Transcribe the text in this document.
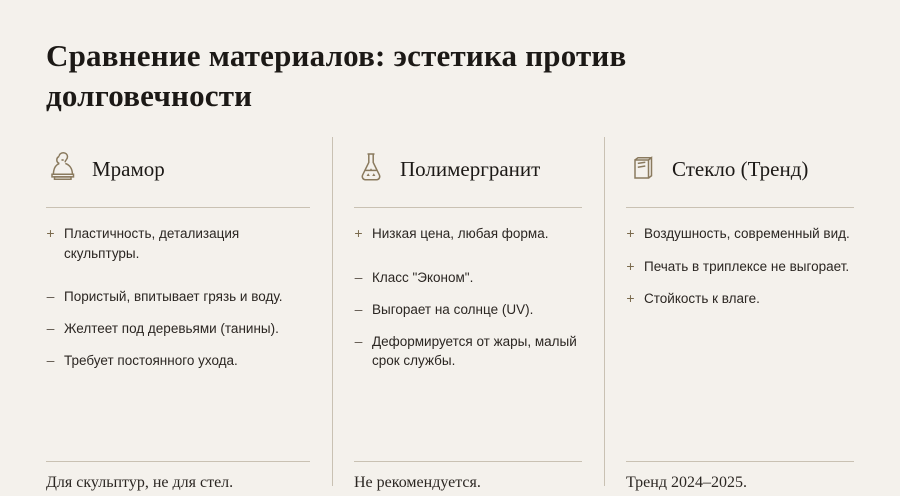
Сравнение материалов: эстетика против долговечности
Мрамор
+ Пластичность, детализация скульптуры.
– Пористый, впитывает грязь и воду.
– Желтеет под деревьями (танины).
– Требует постоянного ухода.
Для скульптур, не для стел.
Полимергранит
+ Низкая цена, любая форма.
– Класс "Эконом".
– Выгорает на солнце (UV).
– Деформируется от жары, малый срок службы.
Не рекомендуется.
Стекло (Тренд)
+ Воздушность, современный вид.
+ Печать в триплексе не выгорает.
+ Стойкость к влаге.
Тренд 2024–2025.
